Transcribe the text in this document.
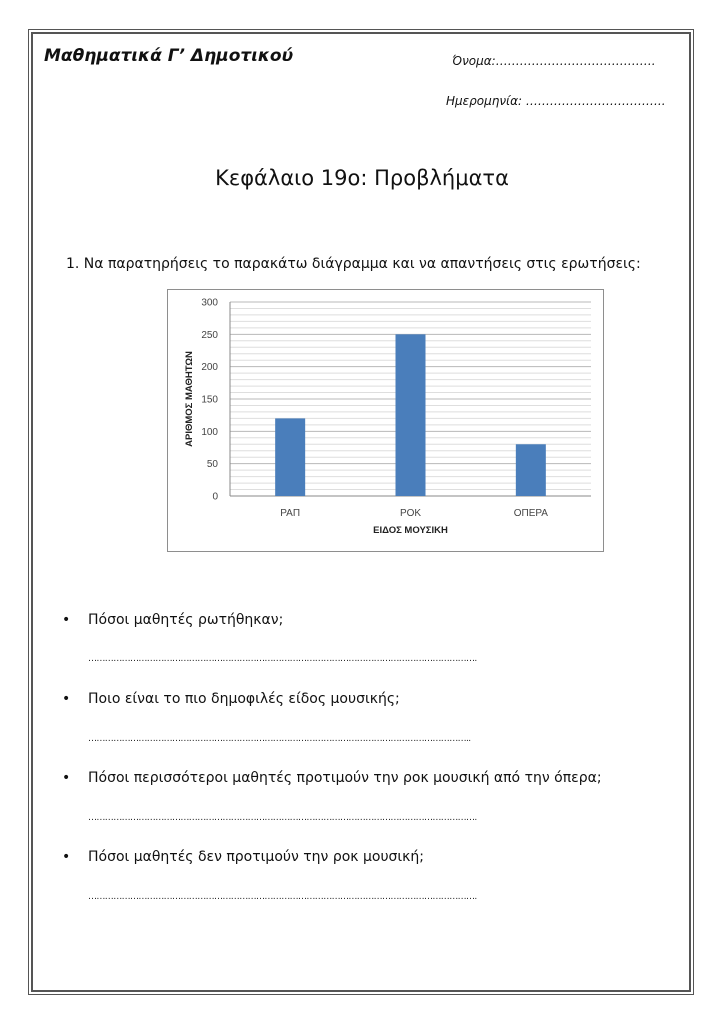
Μαθηματικά Γ’ Δημοτικού	Όνομα:………………………………….
Ημερομηνία: ……………………………..
Κεφάλαιο 19ο: Προβλήματα
1. Να παρατηρήσεις το παρακάτω διάγραμμα και να απαντήσεις στις ερωτήσεις:
0
50
100
150
200
250
300
ΡΑΠ	ΡΟΚ	ΟΠΕΡΑ
ΕΙΔΟΣ ΜΟΥΣΙΚΗ
ΑΡΙΘΜΟΣ ΜΑΘΗΤΩΝ
• Πόσοι μαθητές ρωτήθηκαν;
………………………………………………………………………………………………………………………….
• Ποιο είναι το πιο δημοφιλές είδος μουσικής;
………………………………………………………………………………………………………………………..
• Πόσοι περισσότεροι μαθητές προτιμούν την ροκ μουσική από την όπερα;
………………………………………………………………………………………………………………………….
• Πόσοι μαθητές δεν προτιμούν την ροκ μουσική;
………………………………………………………………………………………………………………………….
